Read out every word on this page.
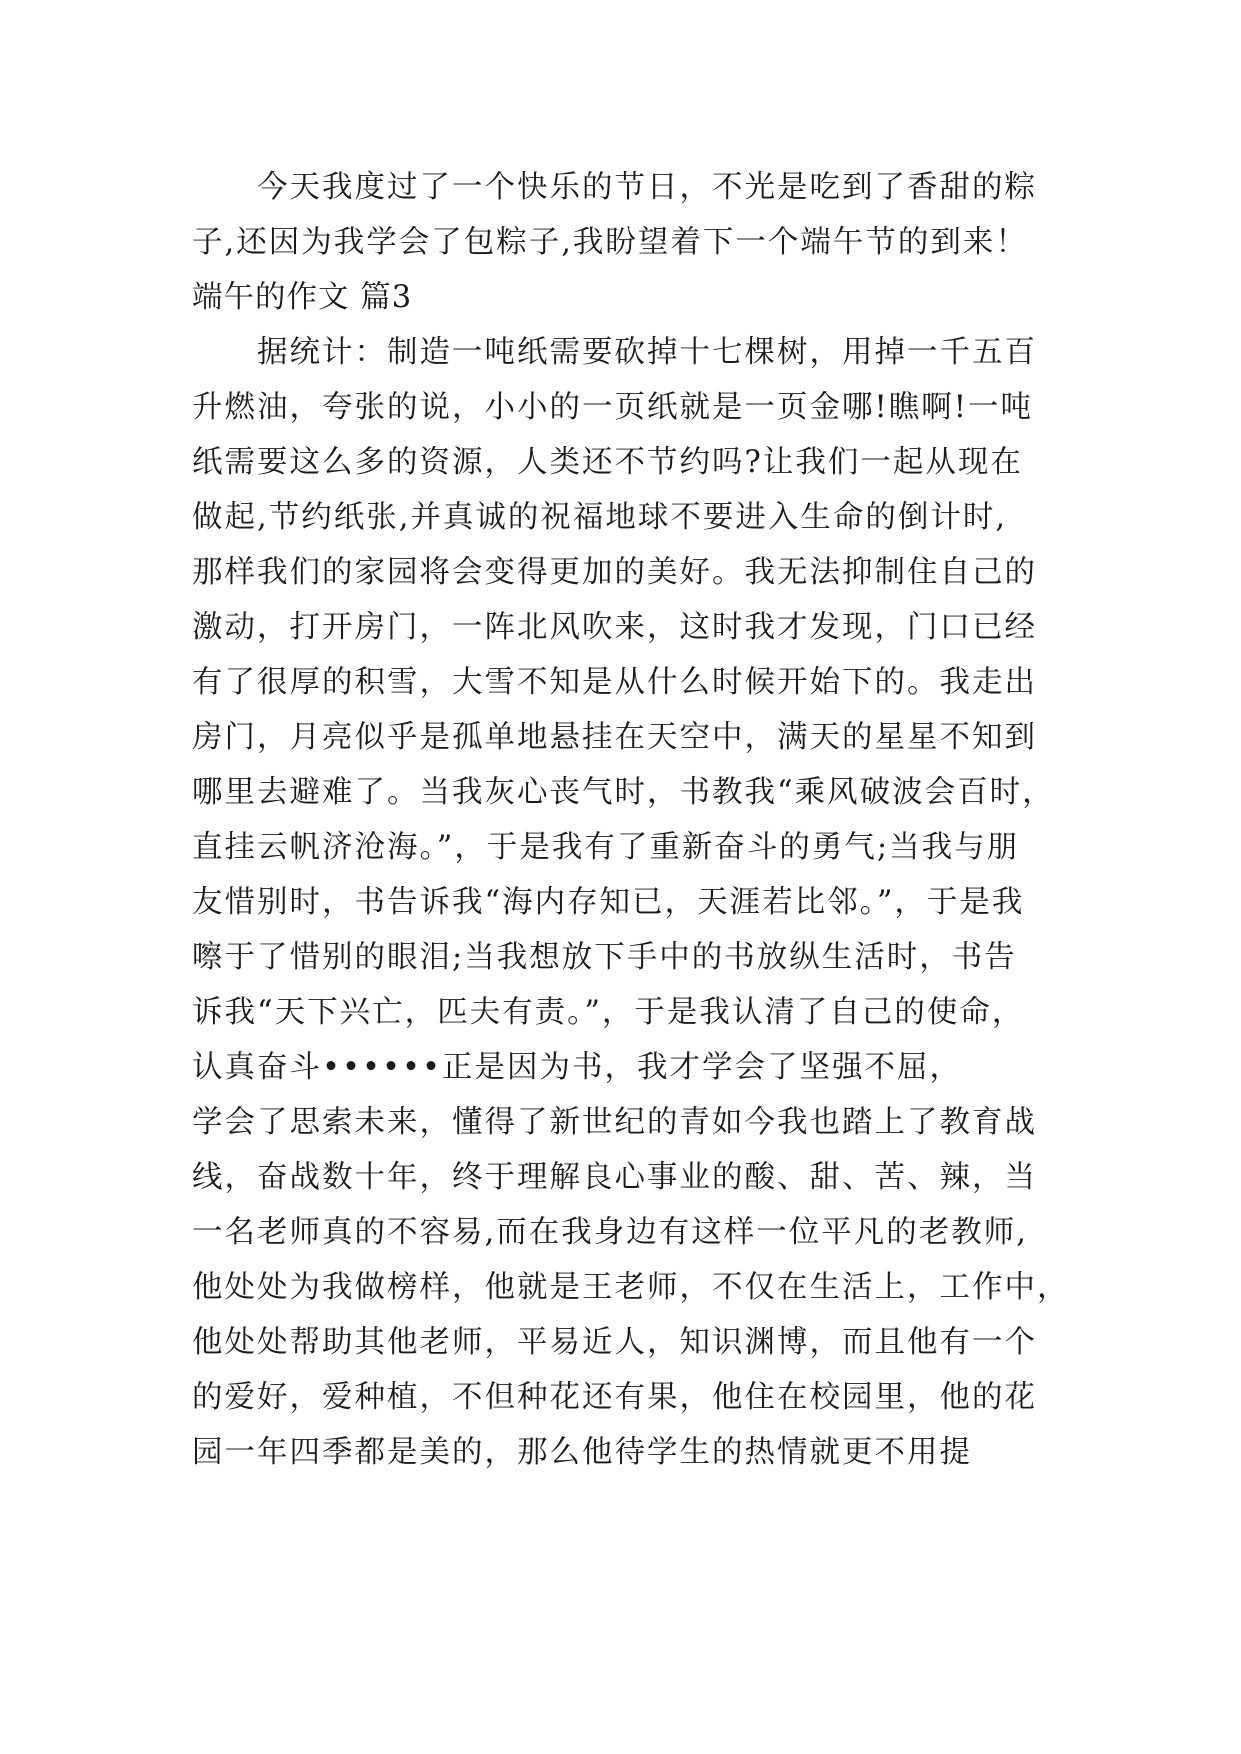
　　今天我度过了一个快乐的节日，不光是吃到了香甜的粽
子,还因为我学会了包粽子,我盼望着下一个端午节的到来！
端午的作文 篇3
　　据统计：制造一吨纸需要砍掉十七棵树，用掉一千五百
升燃油，夸张的说，小小的一页纸就是一页金哪!瞧啊!一吨
纸需要这么多的资源，人类还不节约吗?让我们一起从现在
做起,节约纸张,并真诚的祝福地球不要进入生命的倒计时,
那样我们的家园将会变得更加的美好。我无法抑制住自己的
激动，打开房门，一阵北风吹来，这时我才发现，门口已经
有了很厚的积雪，大雪不知是从什么时候开始下的。我走出
房门，月亮似乎是孤单地悬挂在天空中，满天的星星不知到
哪里去避难了。当我灰心丧气时，书教我“乘风破波会百时，
直挂云帆济沧海。”，于是我有了重新奋斗的勇气;当我与朋
友惜别时，书告诉我“海内存知已，天涯若比邻。”，于是我
嚓于了惜别的眼泪;当我想放下手中的书放纵生活时，书告
诉我“天下兴亡，匹夫有责。”，于是我认清了自己的使命，
认真奋斗••••••正是因为书，我才学会了坚强不屈，
学会了思索未来，懂得了新世纪的青如今我也踏上了教育战
线，奋战数十年，终于理解良心事业的酸、甜、苦、辣，当
一名老师真的不容易,而在我身边有这样一位平凡的老教师,
他处处为我做榜样，他就是王老师，不仅在生活上，工作中，
他处处帮助其他老师，平易近人，知识渊博，而且他有一个
的爱好，爱种植，不但种花还有果，他住在校园里，他的花
园一年四季都是美的，那么他待学生的热情就更不用提
